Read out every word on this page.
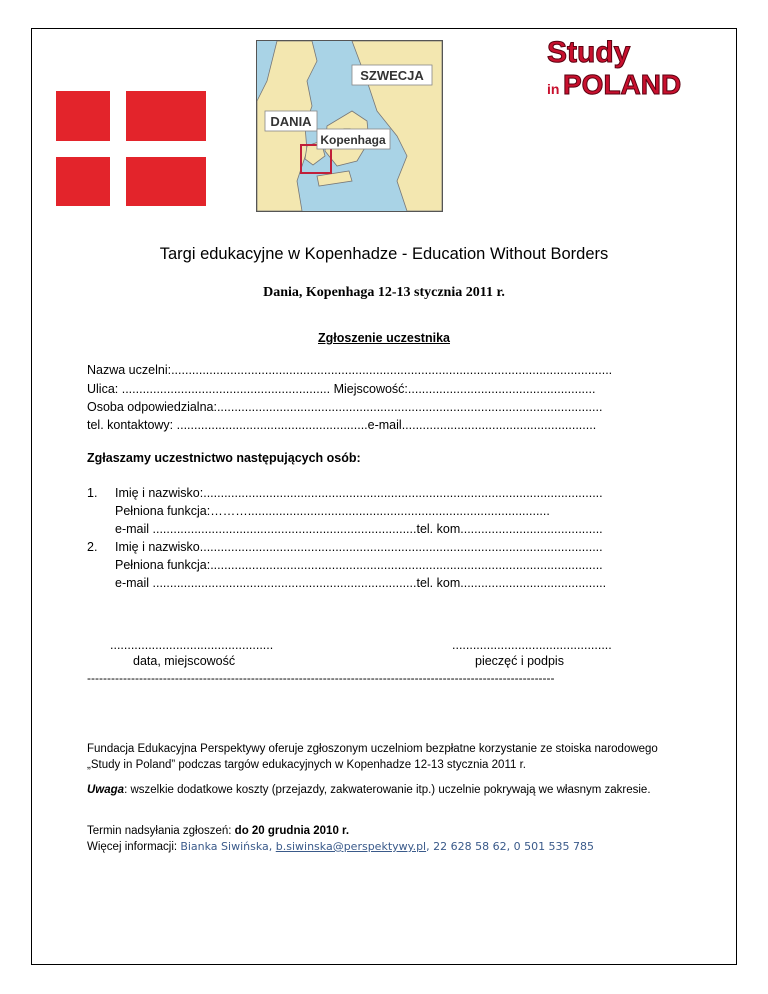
SZWECJA
DANIA
Kopenhaga
Study
in POLAND
Targi edukacyjne w Kopenhadze - Education Without Borders
Dania, Kopenhaga 12-13 stycznia 2011 r.
Zgłoszenie uczestnika
Nazwa uczelni:...............................................................................................................................
Ulica: ............................................................ Miejscowość:......................................................
Osoba odpowiedzialna:...............................................................................................................
tel. kontaktowy: .......................................................e-mail........................................................
Zgłaszamy uczestnictwo następujących osób:
1. Imię i nazwisko:...................................................................................................................
Pełniona funkcja:……….......................................................................................
e-mail ............................................................................tel. kom.........................................
2. Imię i nazwisko....................................................................................................................
Pełniona funkcja:.................................................................................................................
e-mail ............................................................................tel. kom..........................................
...............................................
data, miejscowość
..............................................
pieczęć i podpis
---------------------------------------------------------------------------------------------------------------------
Fundacja Edukacyjna Perspektywy oferuje zgłoszonym uczelniom bezpłatne korzystanie ze stoiska narodowego „Study in Poland” podczas targów edukacyjnych w Kopenhadze 12-13 stycznia 2011 r.
Uwaga: wszelkie dodatkowe koszty (przejazdy, zakwaterowanie itp.) uczelnie pokrywają we własnym zakresie.
Termin nadsyłania zgłoszeń: do 20 grudnia 2010 r.
Więcej informacji: Bianka Siwińska, b.siwinska@perspektywy.pl, 22 628 58 62, 0 501 535 785
